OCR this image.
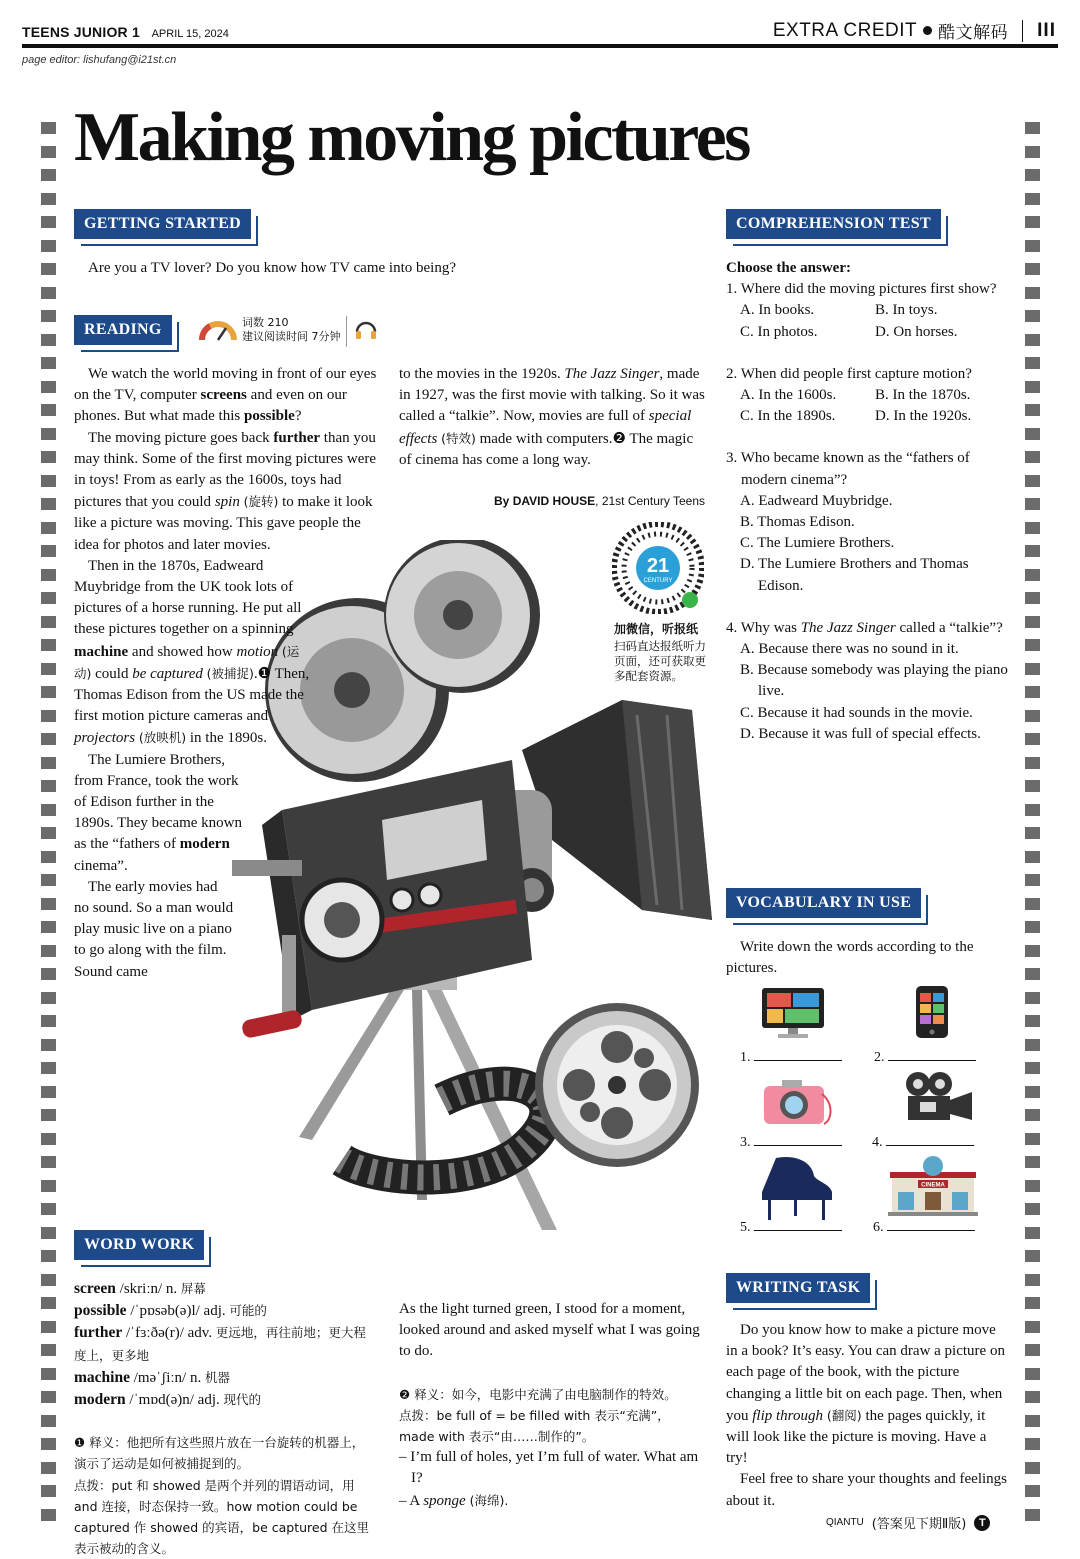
TEENS JUNIOR 1 APRIL 15, 2024	EXTRA CREDIT 酷文解码 III
page editor: lishufang@i21st.cn
Making moving pictures
GETTING STARTED
Are you a TV lover? Do you know how TV came into being?
READING	词数 210
建议阅读时间 7分钟

We watch the world moving in front of our eyes on the TV, computer screens and even on our phones. But what made this possible?

The moving picture goes back further than you may think. Some of the first moving pictures were in toys! From as early as the 1600s, toys had pictures that you could spin (旋转) to make it look like a picture was moving. This gave people the idea for photos and later movies.

Then in the 1870s, Eadweard Muybridge from the UK took lots of pictures of a horse running. He put all these pictures together on a spinning machine and showed how motion (运动) could be captured (被捕捉).❶ Then, Thomas Edison from the US made the first motion picture cameras and projectors (放映机) in the 1890s.

The Lumiere Brothers, from France, took the work of Edison further in the 1890s. They became known as the “fathers of modern cinema”.

The early movies had no sound. So a man would play music live on a piano to go along with the film. Sound came

to the movies in the 1920s. The Jazz Singer, made in 1927, was the first movie with talking. So it was called a “talkie”. Now, movies are full of special effects (特效) made with computers.❷ The magic of cinema has come a long way.

By DAVID HOUSE, 21st Century Teens
21
CENTURY
加微信，听报纸
扫码直达报纸听力页面，还可获取更多配套资源。
COMPREHENSION TEST
Choose the answer:
1. Where did the moving pictures first show?
A. In books.	B. In toys.
C. In photos.	D. On horses.
2. When did people first capture motion?
A. In the 1600s.	B. In the 1870s.
C. In the 1890s.	D. In the 1920s.
3. Who became known as the “fathers of modern cinema”?
A. Eadweard Muybridge.
B. Thomas Edison.
C. The Lumiere Brothers.
D. The Lumiere Brothers and Thomas Edison.
4. Why was The Jazz Singer called a “talkie”?
A. Because there was no sound in it.
B. Because somebody was playing the piano live.
C. Because it had sounds in the movie.
D. Because it was full of special effects.
VOCABULARY IN USE
Write down the words according to the pictures.
1.	2.
3.	4.
CINEMA
5.	6.
WORD WORK
screen /skriːn/ n. 屏幕
possible /ˈpɒsəb(ə)l/ adj. 可能的
further /ˈfɜːðə(r)/ adv. 更远地，再往前地；更大程度上，更多地
machine /məˈʃiːn/ n. 机器
modern /ˈmɒd(ə)n/ adj. 现代的
❶ 释义：他把所有这些照片放在一台旋转的机器上，演示了运动是如何被捕捉到的。
点拨：put 和 showed 是两个并列的谓语动词，用 and 连接，时态保持一致。how motion could be captured 作 showed 的宾语，be captured 在这里表示被动的含义。
As the light turned green, I stood for a moment, looked around and asked myself what I was going to do.
❷ 释义：如今，电影中充满了由电脑制作的特效。
点拨：be full of = be filled with 表示“充满”，made with 表示“由……制作的”。
– I’m full of holes, yet I’m full of water. What am I?
– A sponge (海绵).
WRITING TASK

Do you know how to make a picture move in a book? It’s easy. You can draw a picture on each page of the book, with the picture changing a little bit on each page. Then, when you flip through (翻阅) the pages quickly, it will look like the picture is moving. Have a try!

Feel free to share your thoughts and feelings about it.

QIANTU (答案见下期Ⅱ版)	T
